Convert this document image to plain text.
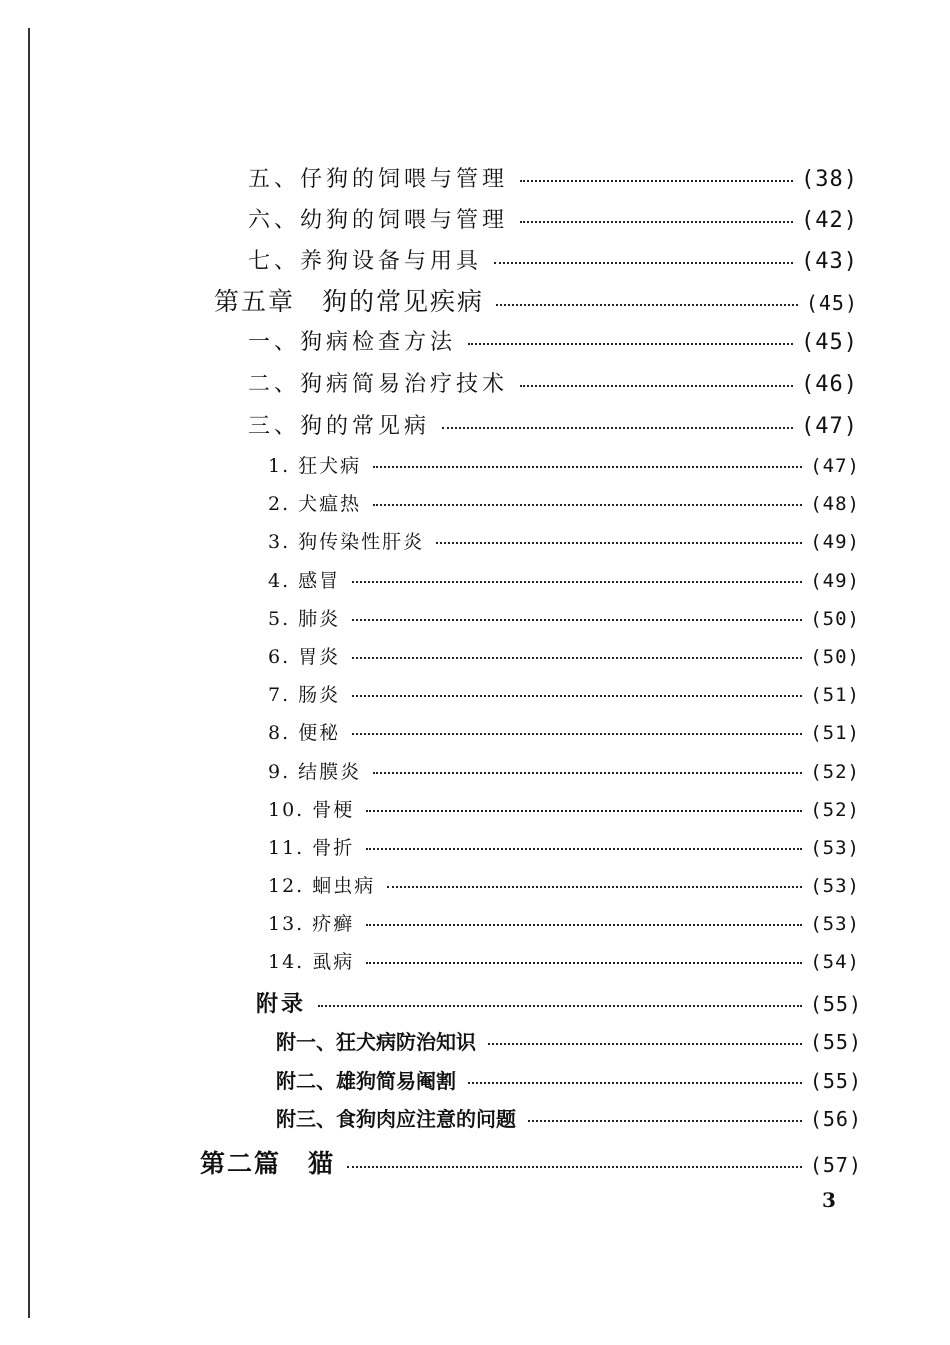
五、仔狗的饲喂与管理	(38)
六、幼狗的饲喂与管理	(42)
七、养狗设备与用具	(43)
第五章　狗的常见疾病	(45)
一、狗病检查方法	(45)
二、狗病简易治疗技术	(46)
三、狗的常见病	(47)
1. 狂犬病	(47)
2. 犬瘟热	(48)
3. 狗传染性肝炎	(49)
4. 感冒	(49)
5. 肺炎	(50)
6. 胃炎	(50)
7. 肠炎	(51)
8. 便秘	(51)
9. 结膜炎	(52)
10. 骨梗	(52)
11. 骨折	(53)
12. 蛔虫病	(53)
13. 疥癣	(53)
14. 虱病	(54)
附录	(55)
附一、狂犬病防治知识	(55)
附二、雄狗简易阉割	(55)
附三、食狗肉应注意的问题	(56)
第二篇　猫	(57)
3
